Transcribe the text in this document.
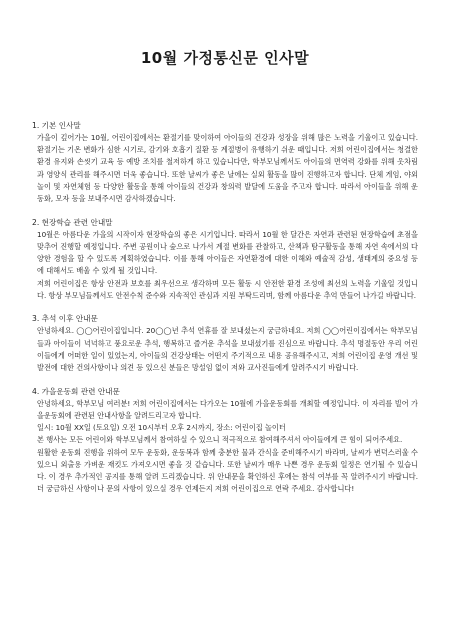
10월 가정통신문 인사말
1. 기본 인사말
가을이 깊어가는 10월, 어린이집에서는 환절기를 맞이하여 아이들의 건강과 성장을 위해 많은 노력을 기울이고 있습니다. 환절기는 기온 변화가 심한 시기로, 감기와 호흡기 질환 등 계절병이 유행하기 쉬운 때입니다. 저희 어린이집에서는 청결한 환경 유지와 손씻기 교육 등 예방 조치를 철저하게 하고 있습니다만, 학부모님께서도 아이들의 면역력 강화를 위해 옷차림과 영양식 관리를 해주시면 더욱 좋습니다. 또한 날씨가 좋은 날에는 실외 활동을 많이 진행하고자 합니다. 단체 게임, 야외 놀이 및 자연체험 등 다양한 활동을 통해 아이들의 건강과 창의력 발달에 도움을 주고자 합니다. 따라서 아이들을 위해 운동화, 모자 등을 보내주시면 감사하겠습니다.
2. 현장학습 관련 안내말
10월은 아름다운 가을의 시작이자 현장학습의 좋은 시기입니다. 따라서 10월 한 달간은 자연과 관련된 현장학습에 초점을 맞추어 진행할 예정입니다. 주변 공원이나 숲으로 나가서 계절 변화를 관찰하고, 산책과 탐구활동을 통해 자연 속에서의 다양한 경험을 할 수 있도록 계획하였습니다. 이를 통해 아이들은 자연환경에 대한 이해와 예술적 감성, 생태계의 중요성 등에 대해서도 배울 수 있게 될 것입니다.
저희 어린이집은 항상 안전과 보호를 최우선으로 생각하며 모든 활동 시 안전한 환경 조성에 최선의 노력을 기울일 것입니다. 항상 부모님들께서도 안전수칙 준수와 지속적인 관심과 지원 부탁드리며, 함께 아름다운 추억 만들어 나가길 바랍니다.
3. 추석 이후 안내문
안녕하세요. ◯◯어린이집입니다. 20◯◯년 추석 연휴를 잘 보내셨는지 궁금하네요. 저희 ◯◯어린이집에서는 학부모님들과 아이들이 넉넉하고 풍요로운 추석, 행복하고 즐거운 추석을 보내셨기를 진심으로 바랍니다. 추석 명절동안 우리 어린이들에게 어떠한 일이 있었는지, 아이들의 건강상태는 어떤지 주기적으로 내용 공유해주시고, 저희 어린이집 운영 개선 및 발전에 대한 건의사항이나 의견 등 있으신 분들은 망설임 없이 저와 교사진들에게 알려주시기 바랍니다.
4. 가을운동회 관련 안내문
안녕하세요, 학부모님 여러분! 저희 어린이집에서는 다가오는 10월에 가을운동회를 개최할 예정입니다. 이 자리를 빌어 가을운동회에 관련된 안내사항을 알려드리고자 합니다.
일시: 10월 XX일 (토요일) 오전 10시부터 오후 2시까지, 장소: 어린이집 놀이터
본 행사는 모든 어린이와 학부모님께서 참여하실 수 있으니 적극적으로 참여해주셔서 아이들에게 큰 힘이 되어주세요.
원활한 운동회 진행을 위하여 모두 운동화, 운동복과 함께 충분한 물과 간식을 준비해주시기 바라며, 날씨가 변덕스러울 수 있으니 외출용 가벼운 재킷도 가져오시면 좋을 것 같습니다. 또한 날씨가 매우 나쁜 경우 운동회 일정은 연기될 수 있습니다. 이 경우 추가적인 공지를 통해 알려 드리겠습니다. 위 안내문을 확인하신 후에는 참석 여부를 꼭 알려주시기 바랍니다. 더 궁금하신 사항이나 문의 사항이 있으실 경우 언제든지 저희 어린이집으로 연락 주세요. 감사합니다!
